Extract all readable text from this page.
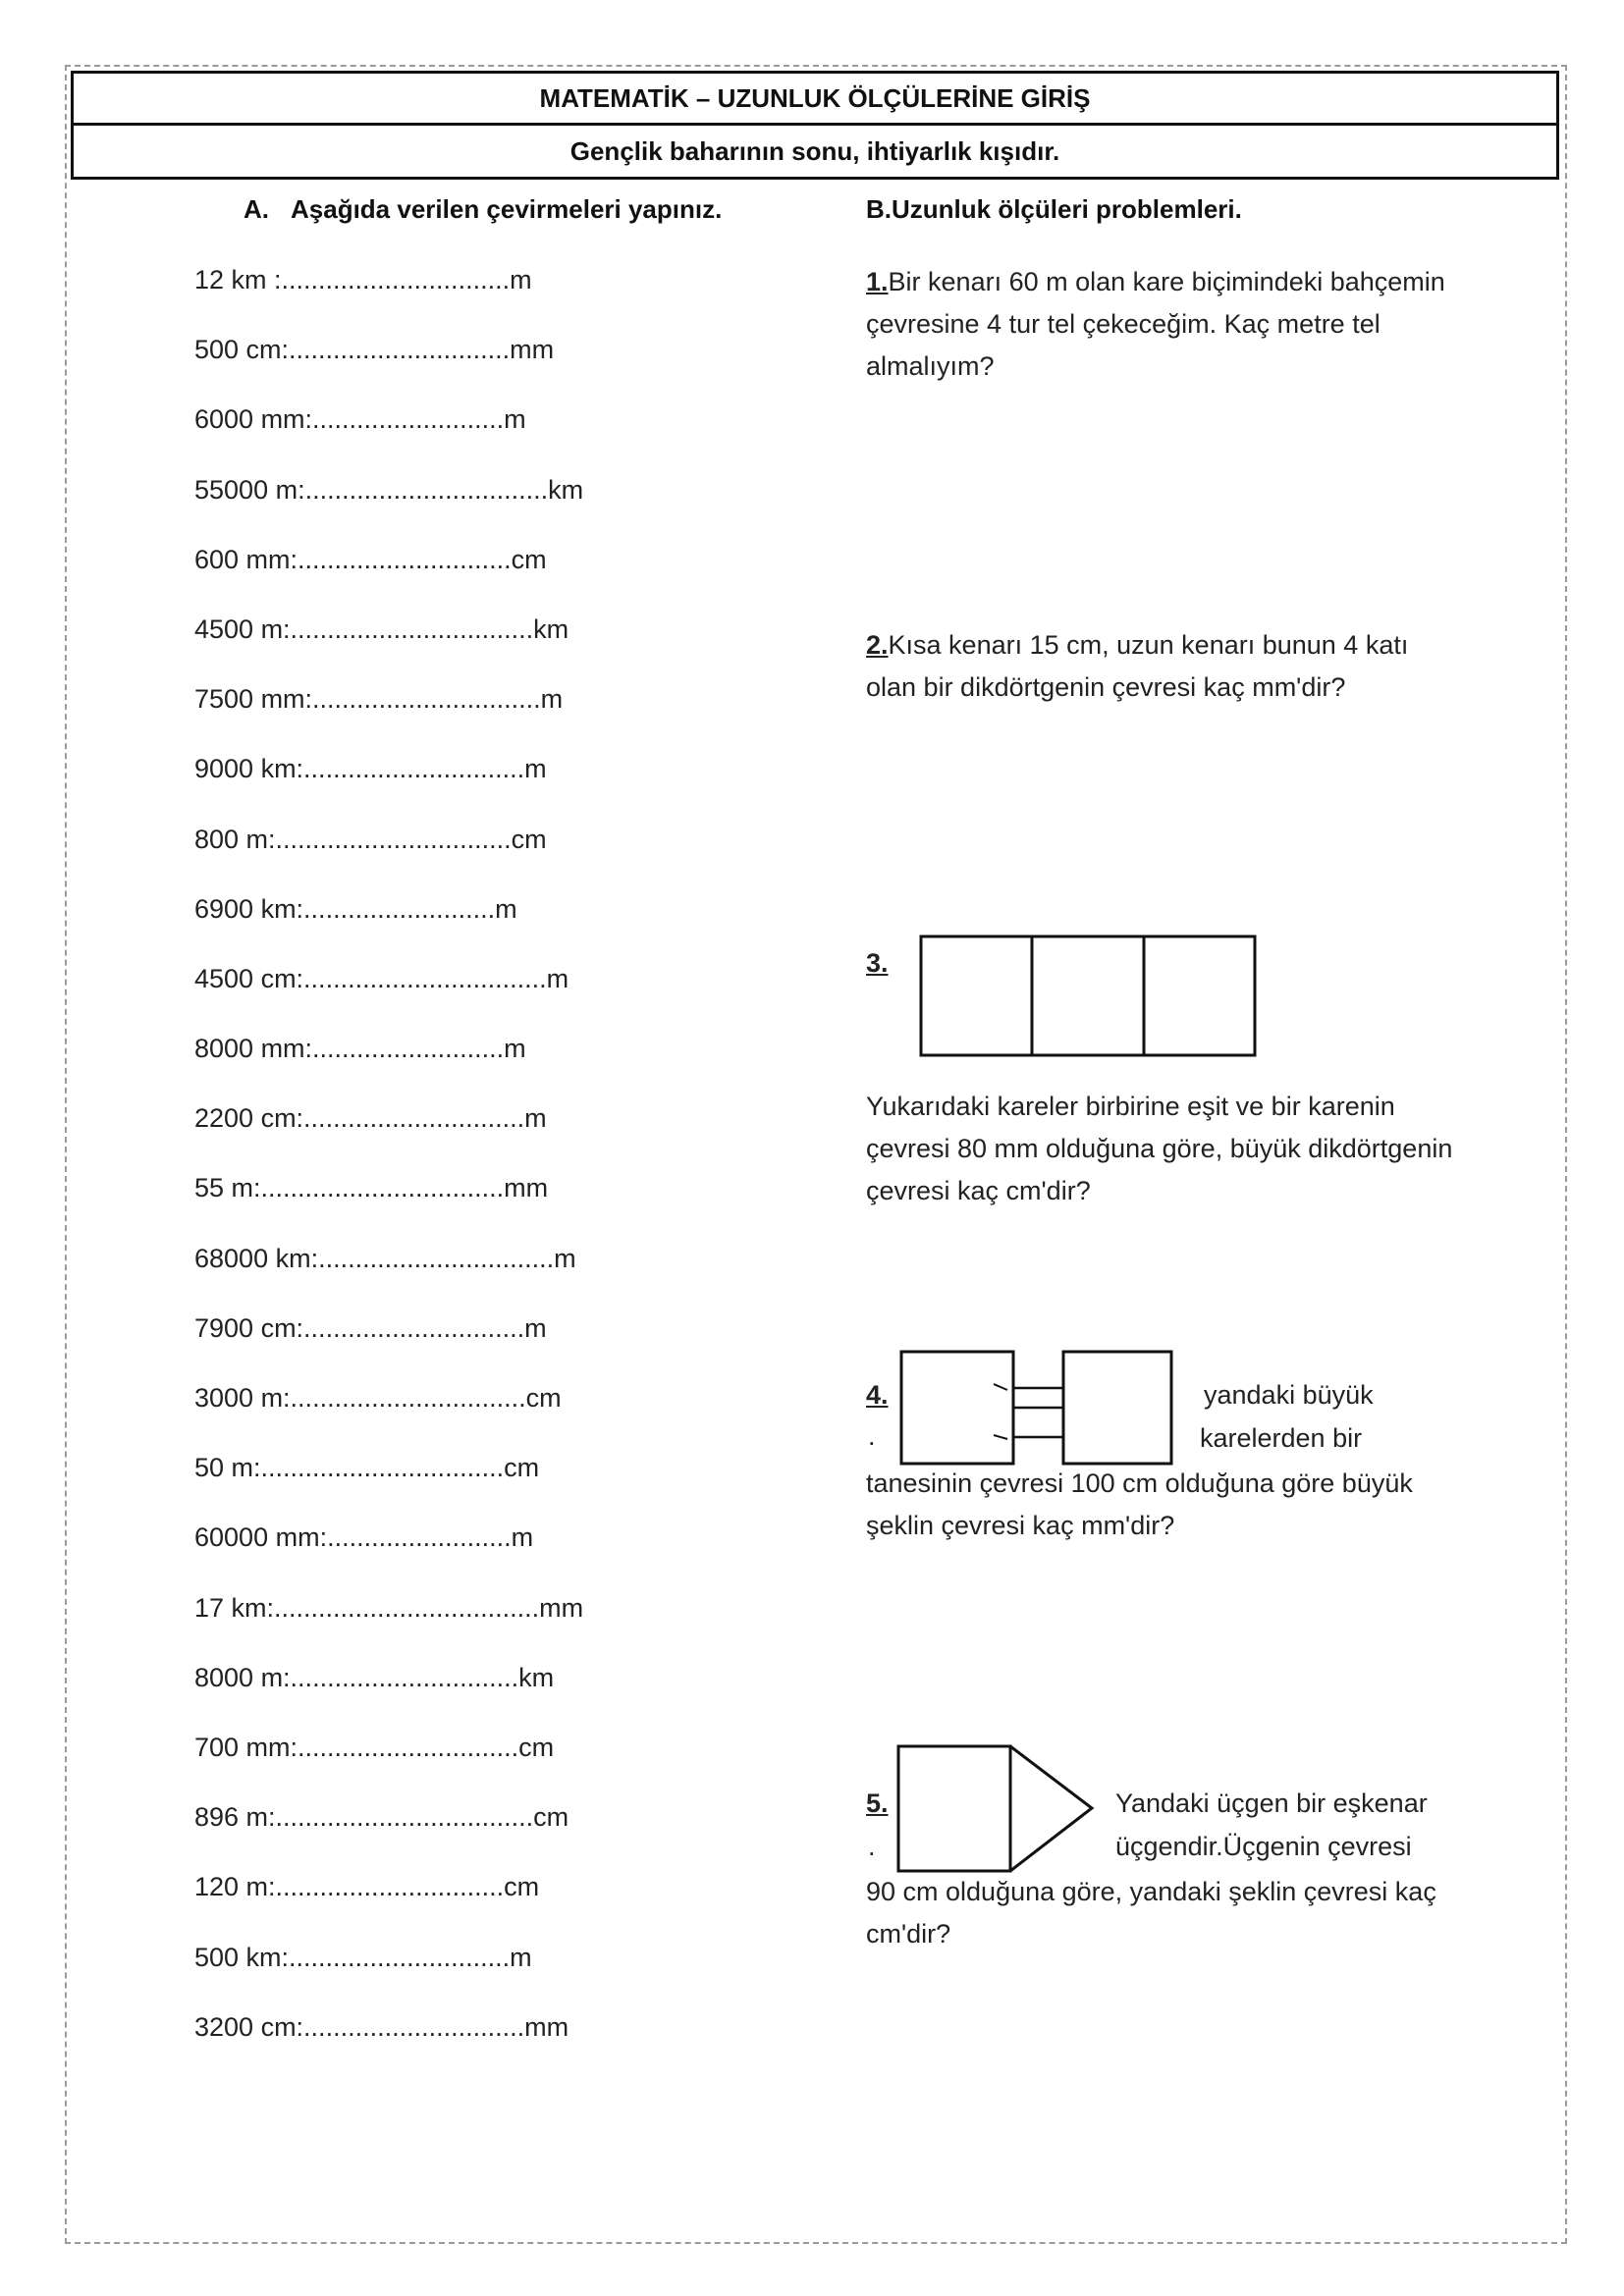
MATEMATİK – UZUNLUK ÖLÇÜLERİNE GİRİŞ
Gençlik baharının sonu, ihtiyarlık kışıdır.
A. Aşağıda verilen çevirmeleri yapınız.
12 km :...............................m
500 cm:..............................mm
6000 mm:..........................m
55000 m:.................................km
600 mm:.............................cm
4500 m:.................................km
7500 mm:...............................m
9000 km:..............................m
800 m:................................cm
6900 km:..........................m
4500 cm:.................................m
8000 mm:..........................m
2200 cm:..............................m
55 m:.................................mm
68000 km:................................m
7900 cm:..............................m
3000 m:................................cm
50 m:.................................cm
60000 mm:.........................m
17 km:....................................mm
8000 m:...............................km
700 mm:..............................cm
896 m:...................................cm
120 m:...............................cm
500 km:..............................m
3200 cm:..............................mm
B.Uzunluk ölçüleri problemleri.
1.Bir kenarı 60 m olan kare biçimindeki bahçemin çevresine 4 tur tel çekeceğim. Kaç metre tel almalıyım?
2.Kısa kenarı 15 cm, uzun kenarı bunun 4 katı olan bir dikdörtgenin çevresi kaç mm'dir?
3.
Yukarıdaki kareler birbirine eşit ve bir karenin çevresi 80 mm olduğuna göre, büyük dikdörtgenin çevresi kaç cm'dir?
4.
.
yandaki büyük
karelerden bir
tanesinin çevresi 100 cm olduğuna göre büyük şeklin çevresi kaç mm'dir?
5.
.
Yandaki üçgen bir eşkenar
üçgendir.Üçgenin çevresi
90 cm olduğuna göre, yandaki şeklin çevresi kaç cm'dir?
